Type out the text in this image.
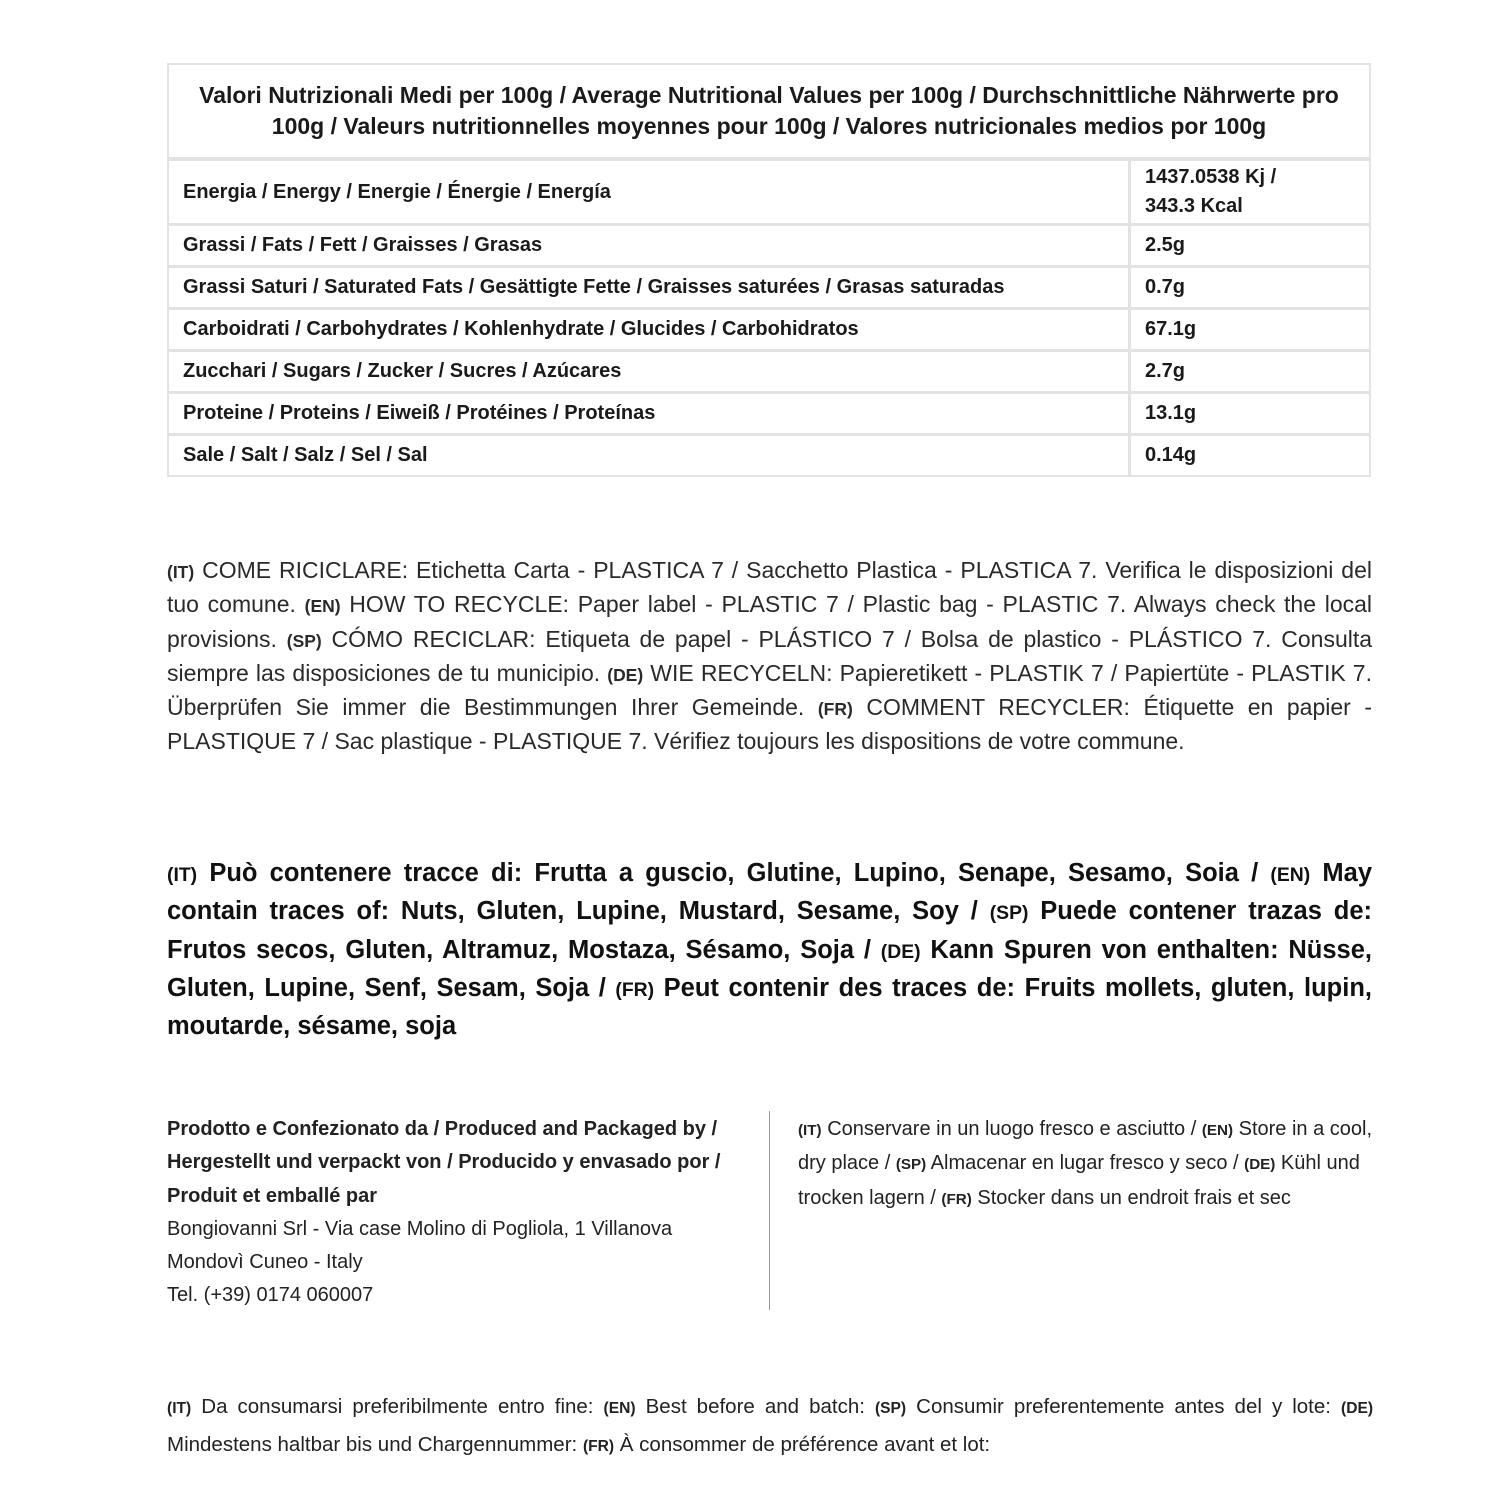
Valori Nutrizionali Medi per 100g / Average Nutritional Values per 100g / Durchschnittliche Nährwerte pro 100g / Valeurs nutritionnelles moyennes pour 100g / Valores nutricionales medios por 100g	
Energia / Energy / Energie / Énergie / Energía	1437.0538 Kj /
343.3 Kcal
Grassi / Fats / Fett / Graisses / Grasas	2.5g
Grassi Saturi / Saturated Fats / Gesättigte Fette / Graisses saturées / Grasas saturadas	0.7g
Carboidrati / Carbohydrates / Kohlenhydrate / Glucides / Carbohidratos	67.1g
Zucchari / Sugars / Zucker / Sucres / Azúcares	2.7g
Proteine / Proteins / Eiweiß / Protéines / Proteínas	13.1g
Sale / Salt / Salz / Sel / Sal	0.14g

(IT) COME RICICLARE: Etichetta Carta - PLASTICA 7 / Sacchetto Plastica - PLASTICA 7. Verifica le disposizioni del tuo comune. (EN) HOW TO RECYCLE: Paper label - PLASTIC 7 / Plastic bag - PLASTIC 7. Always check the local provisions. (SP) CÓMO RECICLAR: Etiqueta de papel - PLÁSTICO 7 / Bolsa de plastico - PLÁSTICO 7. Consulta siempre las disposiciones de tu municipio. (DE) WIE RECYCELN: Papieretikett - PLASTIK 7 / Papiertüte - PLASTIK 7. Überprüfen Sie immer die Bestimmungen Ihrer Gemeinde. (FR) COMMENT RECYCLER: Étiquette en papier - PLASTIQUE 7 / Sac plastique - PLASTIQUE 7. Vérifiez toujours les dispositions de votre commune.

(IT) Può contenere tracce di: Frutta a guscio, Glutine, Lupino, Senape, Sesamo, Soia / (EN) May contain traces of: Nuts, Gluten, Lupine, Mustard, Sesame, Soy / (SP) Puede contener trazas de: Frutos secos, Gluten, Altramuz, Mostaza, Sésamo, Soja / (DE) Kann Spuren von enthalten: Nüsse, Gluten, Lupine, Senf, Sesam, Soja / (FR) Peut contenir des traces de: Fruits mollets, gluten, lupin, moutarde, sésame, soja

Prodotto e Confezionato da / Produced and Packaged by / Hergestellt und verpackt von / Producido y envasado por / Produit et emballé par
Bongiovanni Srl - Via case Molino di Pogliola, 1 Villanova Mondovì Cuneo - Italy
Tel. (+39) 0174 060007
(IT) Conservare in un luogo fresco e asciutto / (EN) Store in a cool, dry place / (SP) Almacenar en lugar fresco y seco / (DE) Kühl und trocken lagern / (FR) Stocker dans un endroit frais et sec

(IT) Da consumarsi preferibilmente entro fine: (EN) Best before and batch: (SP) Consumir preferentemente antes del y lote: (DE) Mindestens haltbar bis und Chargennummer: (FR) À consommer de préférence avant et lot:
